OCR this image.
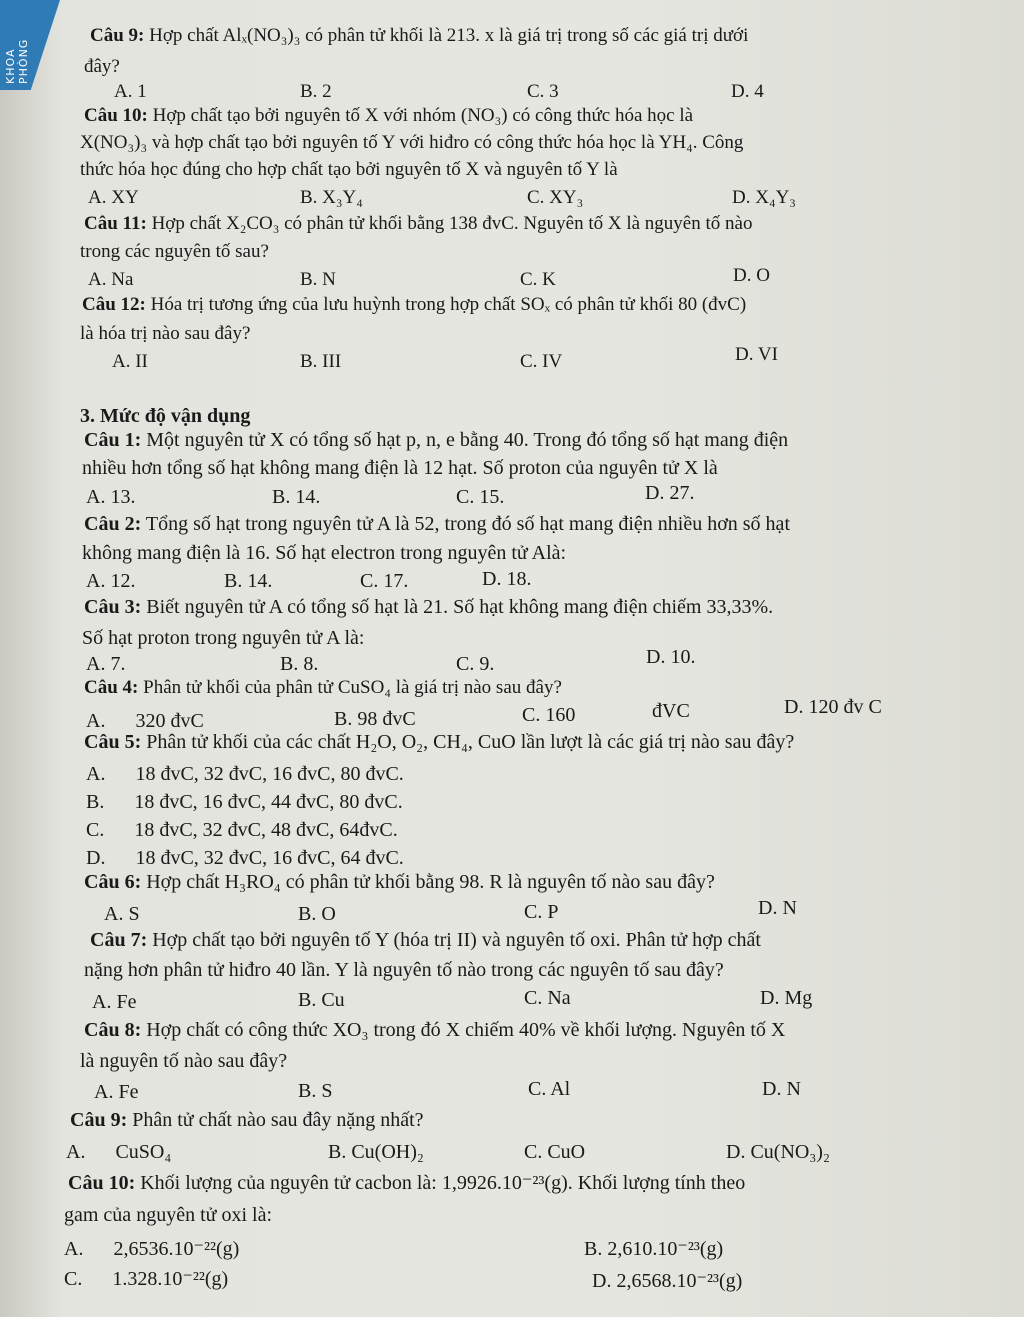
KHOA PHÒNG
Câu 9: Hợp chất Alₓ(NO₃)₃ có phân tử khối là 213. x là giá trị trong số các giá trị dưới
đây?
A. 1	B. 2	C. 3	D. 4
Câu 10: Hợp chất tạo bởi nguyên tố X với nhóm (NO₃) có công thức hóa học là
X(NO₃)₃ và hợp chất tạo bởi nguyên tố Y với hiđro có công thức hóa học là YH₄. Công
thức hóa học đúng cho hợp chất tạo bởi nguyên tố X và nguyên tố Y là
A. XY	B. X₃Y₄	C. XY₃	D. X₄Y₃
Câu 11: Hợp chất X₂CO₃ có phân tử khối bằng 138 đvC. Nguyên tố X là nguyên tố nào
trong các nguyên tố sau?
A. Na	B. N	C. K	D. O
Câu 12: Hóa trị tương ứng của lưu huỳnh trong hợp chất SOₓ có phân tử khối 80 (đvC)
là hóa trị nào sau đây?
A. II	B. III	C. IV	D. VI
3. Mức độ vận dụng
Câu 1: Một nguyên tử X có tổng số hạt p, n, e bằng 40. Trong đó tổng số hạt mang điện
nhiều hơn tổng số hạt không mang điện là 12 hạt. Số proton của nguyên tử X là
A. 13.	B. 14.	C. 15.	D. 27.
Câu 2: Tổng số hạt trong nguyên tử A là 52, trong đó số hạt mang điện nhiều hơn số hạt
không mang điện là 16. Số hạt electron trong nguyên tử Alà:
A. 12.	B. 14.	C. 17.	D. 18.
Câu 3: Biết nguyên tử A có tổng số hạt là 21. Số hạt không mang điện chiếm 33,33%.
Số hạt proton trong nguyên tử A là:
A. 7.	B. 8.	C. 9.	D. 10.
Câu 4: Phân tử khối của phân tử CuSO₄ là giá trị nào sau đây?
A.      320 đvC	B. 98 đvC	C. 160	đVC	D. 120 đv C
Câu 5: Phân tử khối của các chất H₂O, O₂, CH₄, CuO lần lượt là các giá trị nào sau đây?
A.      18 đvC, 32 đvC, 16 đvC, 80 đvC.
B.      18 đvC, 16 đvC, 44 đvC, 80 đvC.
C.      18 đvC, 32 đvC, 48 đvC, 64đvC.
D.      18 đvC, 32 đvC, 16 đvC, 64 đvC.
Câu 6: Hợp chất H₃RO₄ có phân tử khối bằng 98. R là nguyên tố nào sau đây?
A. S	B. O	C. P	D. N
Câu 7: Hợp chất tạo bởi nguyên tố Y (hóa trị II) và nguyên tố oxi. Phân tử hợp chất
nặng hơn phân tử hiđro 40 lần. Y là nguyên tố nào trong các nguyên tố sau đây?
A. Fe	B. Cu	C. Na	D. Mg
Câu 8: Hợp chất có công thức XO₃ trong đó X chiếm 40% về khối lượng. Nguyên tố X
là nguyên tố nào sau đây?
A. Fe	B. S	C. Al	D. N
Câu 9: Phân tử chất nào sau đây nặng nhất?
A.      CuSO₄	B. Cu(OH)₂	C. CuO	D. Cu(NO₃)₂
Câu 10: Khối lượng của nguyên tử cacbon là: 1,9926.10⁻²³(g). Khối lượng tính theo
gam của nguyên tử oxi là:
A.      2,6536.10⁻²²(g)	B. 2,610.10⁻²³(g)
C.      1.328.10⁻²²(g)	D. 2,6568.10⁻²³(g)
